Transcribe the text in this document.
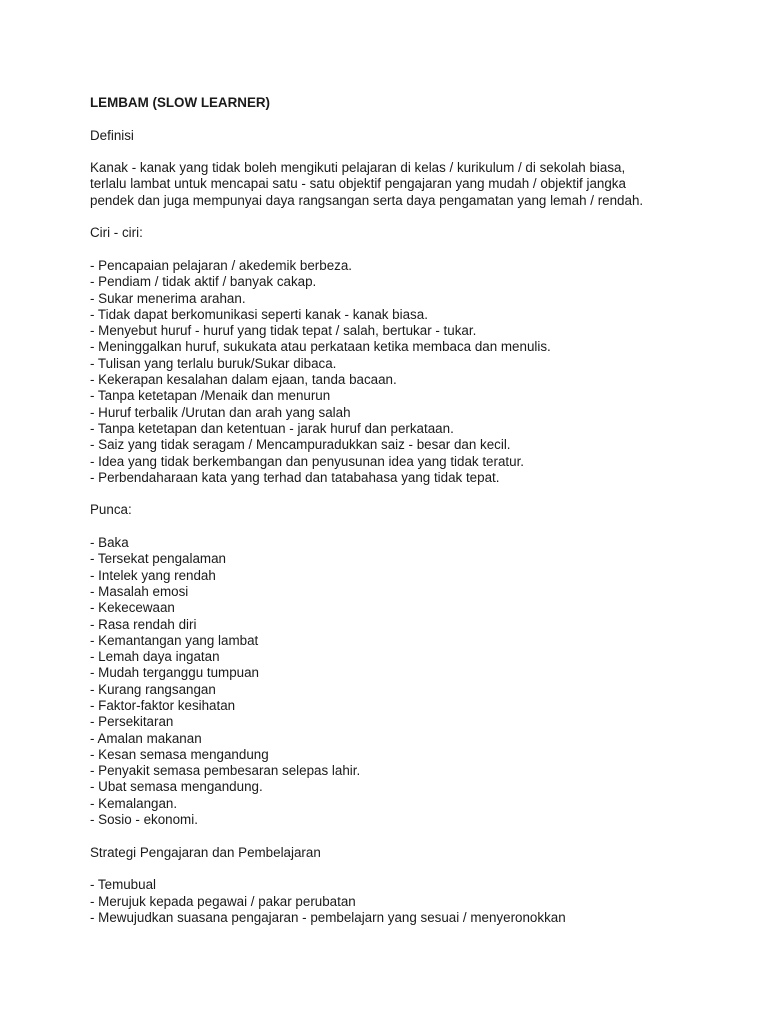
LEMBAM (SLOW LEARNER)

Definisi

Kanak - kanak yang tidak boleh mengikuti pelajaran di kelas / kurikulum / di sekolah biasa,
terlalu lambat untuk mencapai satu - satu objektif pengajaran yang mudah / objektif jangka
pendek dan juga mempunyai daya rangsangan serta daya pengamatan yang lemah / rendah.

Ciri - ciri:

- Pencapaian pelajaran / akedemik berbeza.
- Pendiam / tidak aktif / banyak cakap.
- Sukar menerima arahan.
- Tidak dapat berkomunikasi seperti kanak - kanak biasa.
- Menyebut huruf - huruf yang tidak tepat / salah, bertukar - tukar.
- Meninggalkan huruf, sukukata atau perkataan ketika membaca dan menulis.
- Tulisan yang terlalu buruk/Sukar dibaca.
- Kekerapan kesalahan dalam ejaan, tanda bacaan.
- Tanpa ketetapan /Menaik dan menurun
- Huruf terbalik /Urutan dan arah yang salah
- Tanpa ketetapan dan ketentuan - jarak huruf dan perkataan.
- Saiz yang tidak seragam / Mencampuradukkan saiz - besar dan kecil.
- Idea yang tidak berkembangan dan penyusunan idea yang tidak teratur.
- Perbendaharaan kata yang terhad dan tatabahasa yang tidak tepat.

Punca:

- Baka
- Tersekat pengalaman
- Intelek yang rendah
- Masalah emosi
- Kekecewaan
- Rasa rendah diri
- Kemantangan yang lambat
- Lemah daya ingatan
- Mudah terganggu tumpuan
- Kurang rangsangan
- Faktor-faktor kesihatan
- Persekitaran
- Amalan makanan
- Kesan semasa mengandung
- Penyakit semasa pembesaran selepas lahir.
- Ubat semasa mengandung.
- Kemalangan.
- Sosio - ekonomi.

Strategi Pengajaran dan Pembelajaran

- Temubual
- Merujuk kepada pegawai / pakar perubatan
- Mewujudkan suasana pengajaran - pembelajarn yang sesuai / menyeronokkan
